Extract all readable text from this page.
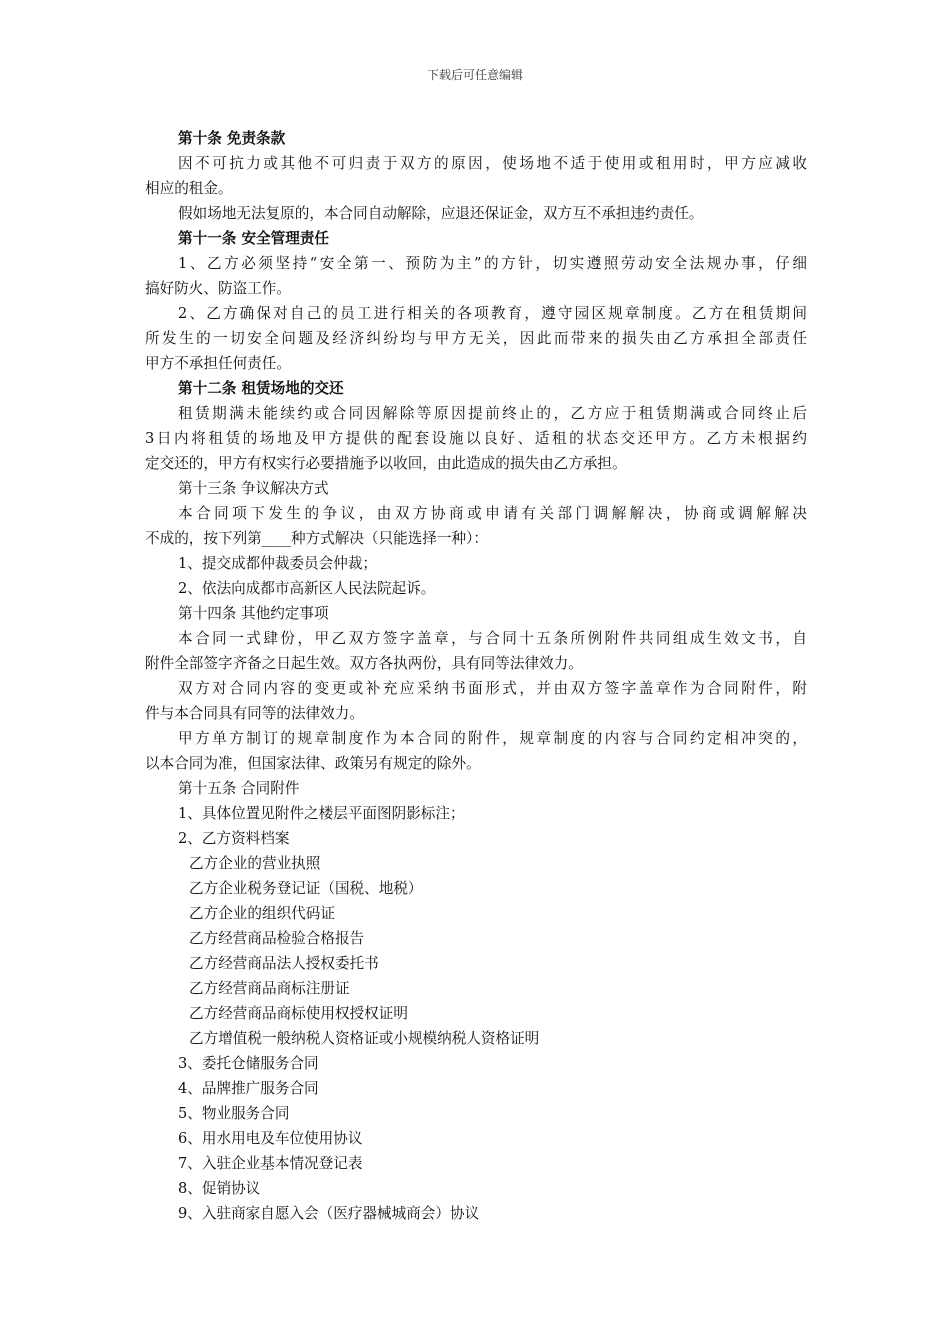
下载后可任意编辑
第十条 免责条款
因不可抗力或其他不可归责于双方的原因，使场地不适于使用或租用时，甲方应减收
相应的租金。
假如场地无法复原的，本合同自动解除，应退还保证金，双方互不承担违约责任。
第十一条 安全管理责任
1、乙方必须坚持“安全第一、预防为主”的方针，切实遵照劳动安全法规办事，仔细
搞好防火、防盗工作。
2、乙方确保对自己的员工进行相关的各项教育，遵守园区规章制度。乙方在租赁期间
所发生的一切安全问题及经济纠纷均与甲方无关，因此而带来的损失由乙方承担全部责任
甲方不承担任何责任。
第十二条 租赁场地的交还
租赁期满未能续约或合同因解除等原因提前终止的，乙方应于租赁期满或合同终止后
3日内将租赁的场地及甲方提供的配套设施以良好、适租的状态交还甲方。乙方未根据约
定交还的，甲方有权实行必要措施予以收回，由此造成的损失由乙方承担。
第十三条 争议解决方式
本合同项下发生的争议，由双方协商或申请有关部门调解解决，协商或调解解决
不成的，按下列第____种方式解决（只能选择一种）：
1、提交成都仲裁委员会仲裁；
2、依法向成都市高新区人民法院起诉。
第十四条 其他约定事项
本合同一式肆份，甲乙双方签字盖章，与合同十五条所例附件共同组成生效文书，自
附件全部签字齐备之日起生效。双方各执两份，具有同等法律效力。
双方对合同内容的变更或补充应采纳书面形式，并由双方签字盖章作为合同附件，附
件与本合同具有同等的法律效力。
甲方单方制订的规章制度作为本合同的附件，规章制度的内容与合同约定相冲突的，
以本合同为准，但国家法律、政策另有规定的除外。
第十五条 合同附件
1、具体位置见附件之楼层平面图阴影标注；
2、乙方资料档案
乙方企业的营业执照
乙方企业税务登记证（国税、地税）
乙方企业的组织代码证
乙方经营商品检验合格报告
乙方经营商品法人授权委托书
乙方经营商品商标注册证
乙方经营商品商标使用权授权证明
乙方增值税一般纳税人资格证或小规模纳税人资格证明
3、委托仓储服务合同
4、品牌推广服务合同
5、物业服务合同
6、用水用电及车位使用协议
7、入驻企业基本情况登记表
8、促销协议
9、入驻商家自愿入会（医疗器械城商会）协议
